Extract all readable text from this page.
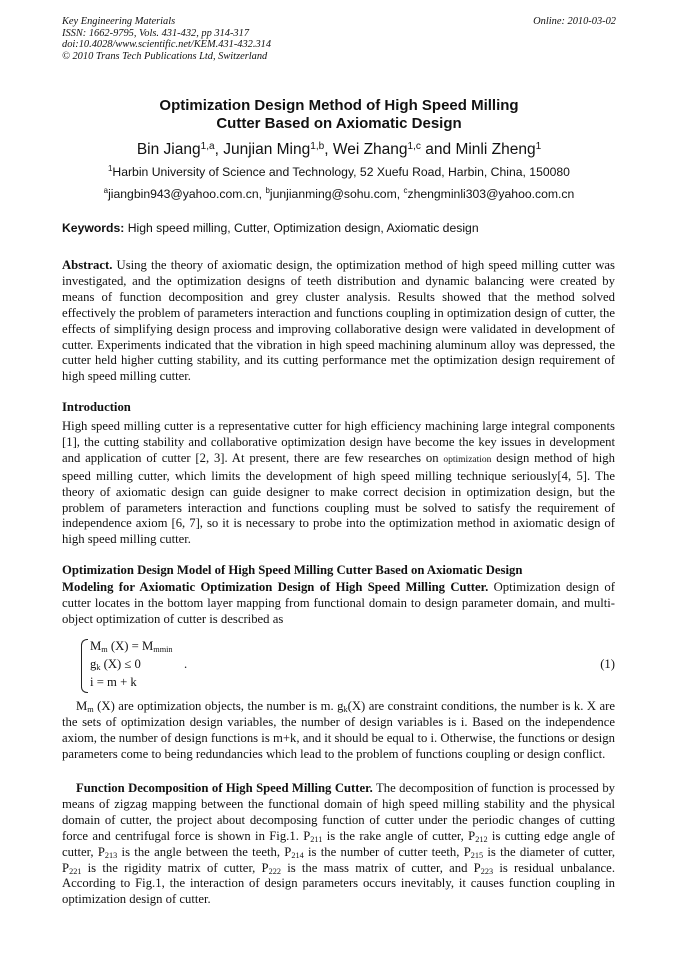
Key Engineering Materials
ISSN: 1662-9795, Vols. 431-432, pp 314-317
doi:10.4028/www.scientific.net/KEM.431-432.314
© 2010 Trans Tech Publications Ltd, Switzerland
Online: 2010-03-02
Optimization Design Method of High Speed Milling
Cutter Based on Axiomatic Design
Bin Jiang$^{1,a}$, Junjian Ming$^{1,b}$, Wei Zhang$^{1,c}$ and Minli Zheng$^1$
$^1$Harbin University of Science and Technology, 52 Xuefu Road, Harbin, China, 150080
$^a$jiangbin943@yahoo.com.cn, $^b$junjianming@sohu.com, $^c$zhengminli303@yahoo.com.cn
Keywords: High speed milling, Cutter, Optimization design, Axiomatic design
Abstract. Using the theory of axiomatic design, the optimization method of high speed milling cutter was investigated, and the optimization designs of teeth distribution and dynamic balancing were created by means of function decomposition and grey cluster analysis. Results showed that the method solved effectively the problem of parameters interaction and functions coupling in optimization design of cutter, the effects of simplifying design process and improving collaborative design were validated in development of cutter. Experiments indicated that the vibration in high speed machining aluminum alloy was depressed, the cutter held higher cutting stability, and its cutting performance met the optimization design requirement of high speed milling cutter.
Introduction
High speed milling cutter is a representative cutter for high efficiency machining large integral components [1], the cutting stability and collaborative optimization design have become the key issues in development and application of cutter [2, 3]. At present, there are few researches on optimization design method of high speed milling cutter, which limits the development of high speed milling technique seriously[4, 5]. The theory of axiomatic design can guide designer to make correct decision in optimization design, but the problem of parameters interaction and functions coupling must be solved to satisfy the requirement of independence axiom [6, 7], so it is necessary to probe into the optimization method in axiomatic design of high speed milling cutter.
Optimization Design Model of High Speed Milling Cutter Based on Axiomatic Design
Modeling for Axiomatic Optimization Design of High Speed Milling Cutter. Optimization design of cutter locates in the bottom layer mapping from functional domain to design parameter domain, and multi-object optimization of cutter is described as
$M_m$ $(X) = M_{mmin}$
$g_k$ (X) ≤ 0
i = m + k
.	(1)
$M_m$ (X) are optimization objects, the number is m. $g_k(X)$ are constraint conditions, the number is k. X are the sets of optimization design variables, the number of design variables is i. Based on the independence axiom, the number of design functions is m+k, and it should be equal to i. Otherwise, the functions or design parameters come to being redundancies which lead to the problem of functions coupling or design conflict.
Function Decomposition of High Speed Milling Cutter. The decomposition of function is processed by means of zigzag mapping between the functional domain of high speed milling stability and the physical domain of cutter, the project about decomposing function of cutter under the periodic changes of cutting force and centrifugal force is shown in Fig.1. $P_{211}$ is the rake angle of cutter, $P_{212}$ is cutting edge angle of cutter, $P_{213}$ is the angle between the teeth, $P_{214}$ is the number of cutter teeth, $P_{215}$ is the diameter of cutter, $P_{221}$ is the rigidity matrix of cutter, $P_{222}$ is the mass matrix of cutter, and $P_{223}$ is residual unbalance. According to Fig.1, the interaction of design parameters occurs inevitably, it causes function coupling in optimization design of cutter.
